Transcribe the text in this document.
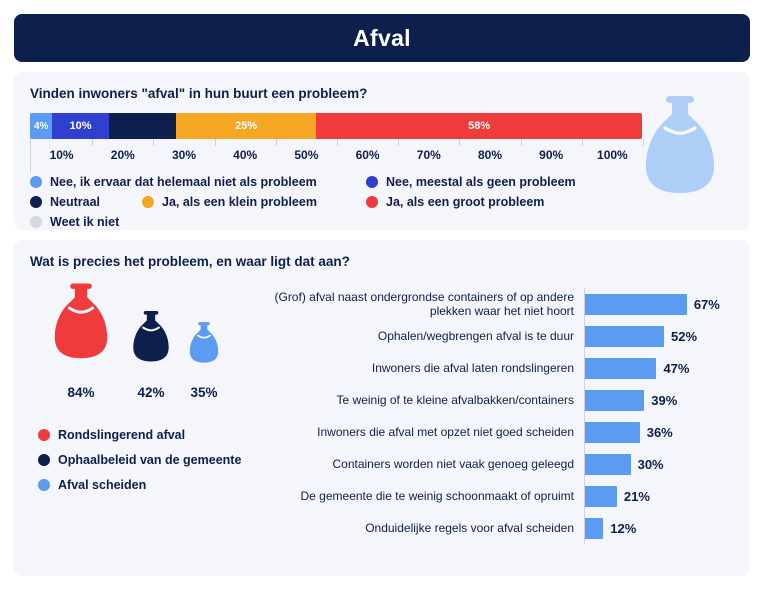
Afval
Vinden inwoners "afval" in hun buurt een probleem?
4%	10%	25%	58%
10%	20%	30%	40%	50%	60%	70%	80%	90%	100%
Nee, ik ervaar dat helemaal niet als probleem	Nee, meestal als geen probleem
Neutraal	Ja, als een klein probleem	Ja, als een groot probleem
Weet ik niet
Wat is precies het probleem, en waar ligt dat aan?
84%	42% 35%
Rondslingerend afval
Ophaalbeleid van de gemeente
Afval scheiden
(Grof) afval naast ondergrondse containers of op andere plekken waar het niet hoort	67%
Ophalen/wegbrengen afval is te duur	52%
Inwoners die afval laten rondslingeren	47%
Te weinig of te kleine afvalbakken/containers	39%
Inwoners die afval met opzet niet goed scheiden	36%
Containers worden niet vaak genoeg geleegd	30%
De gemeente die te weinig schoonmaakt of opruimt	21%
Onduidelijke regels voor afval scheiden	12%
